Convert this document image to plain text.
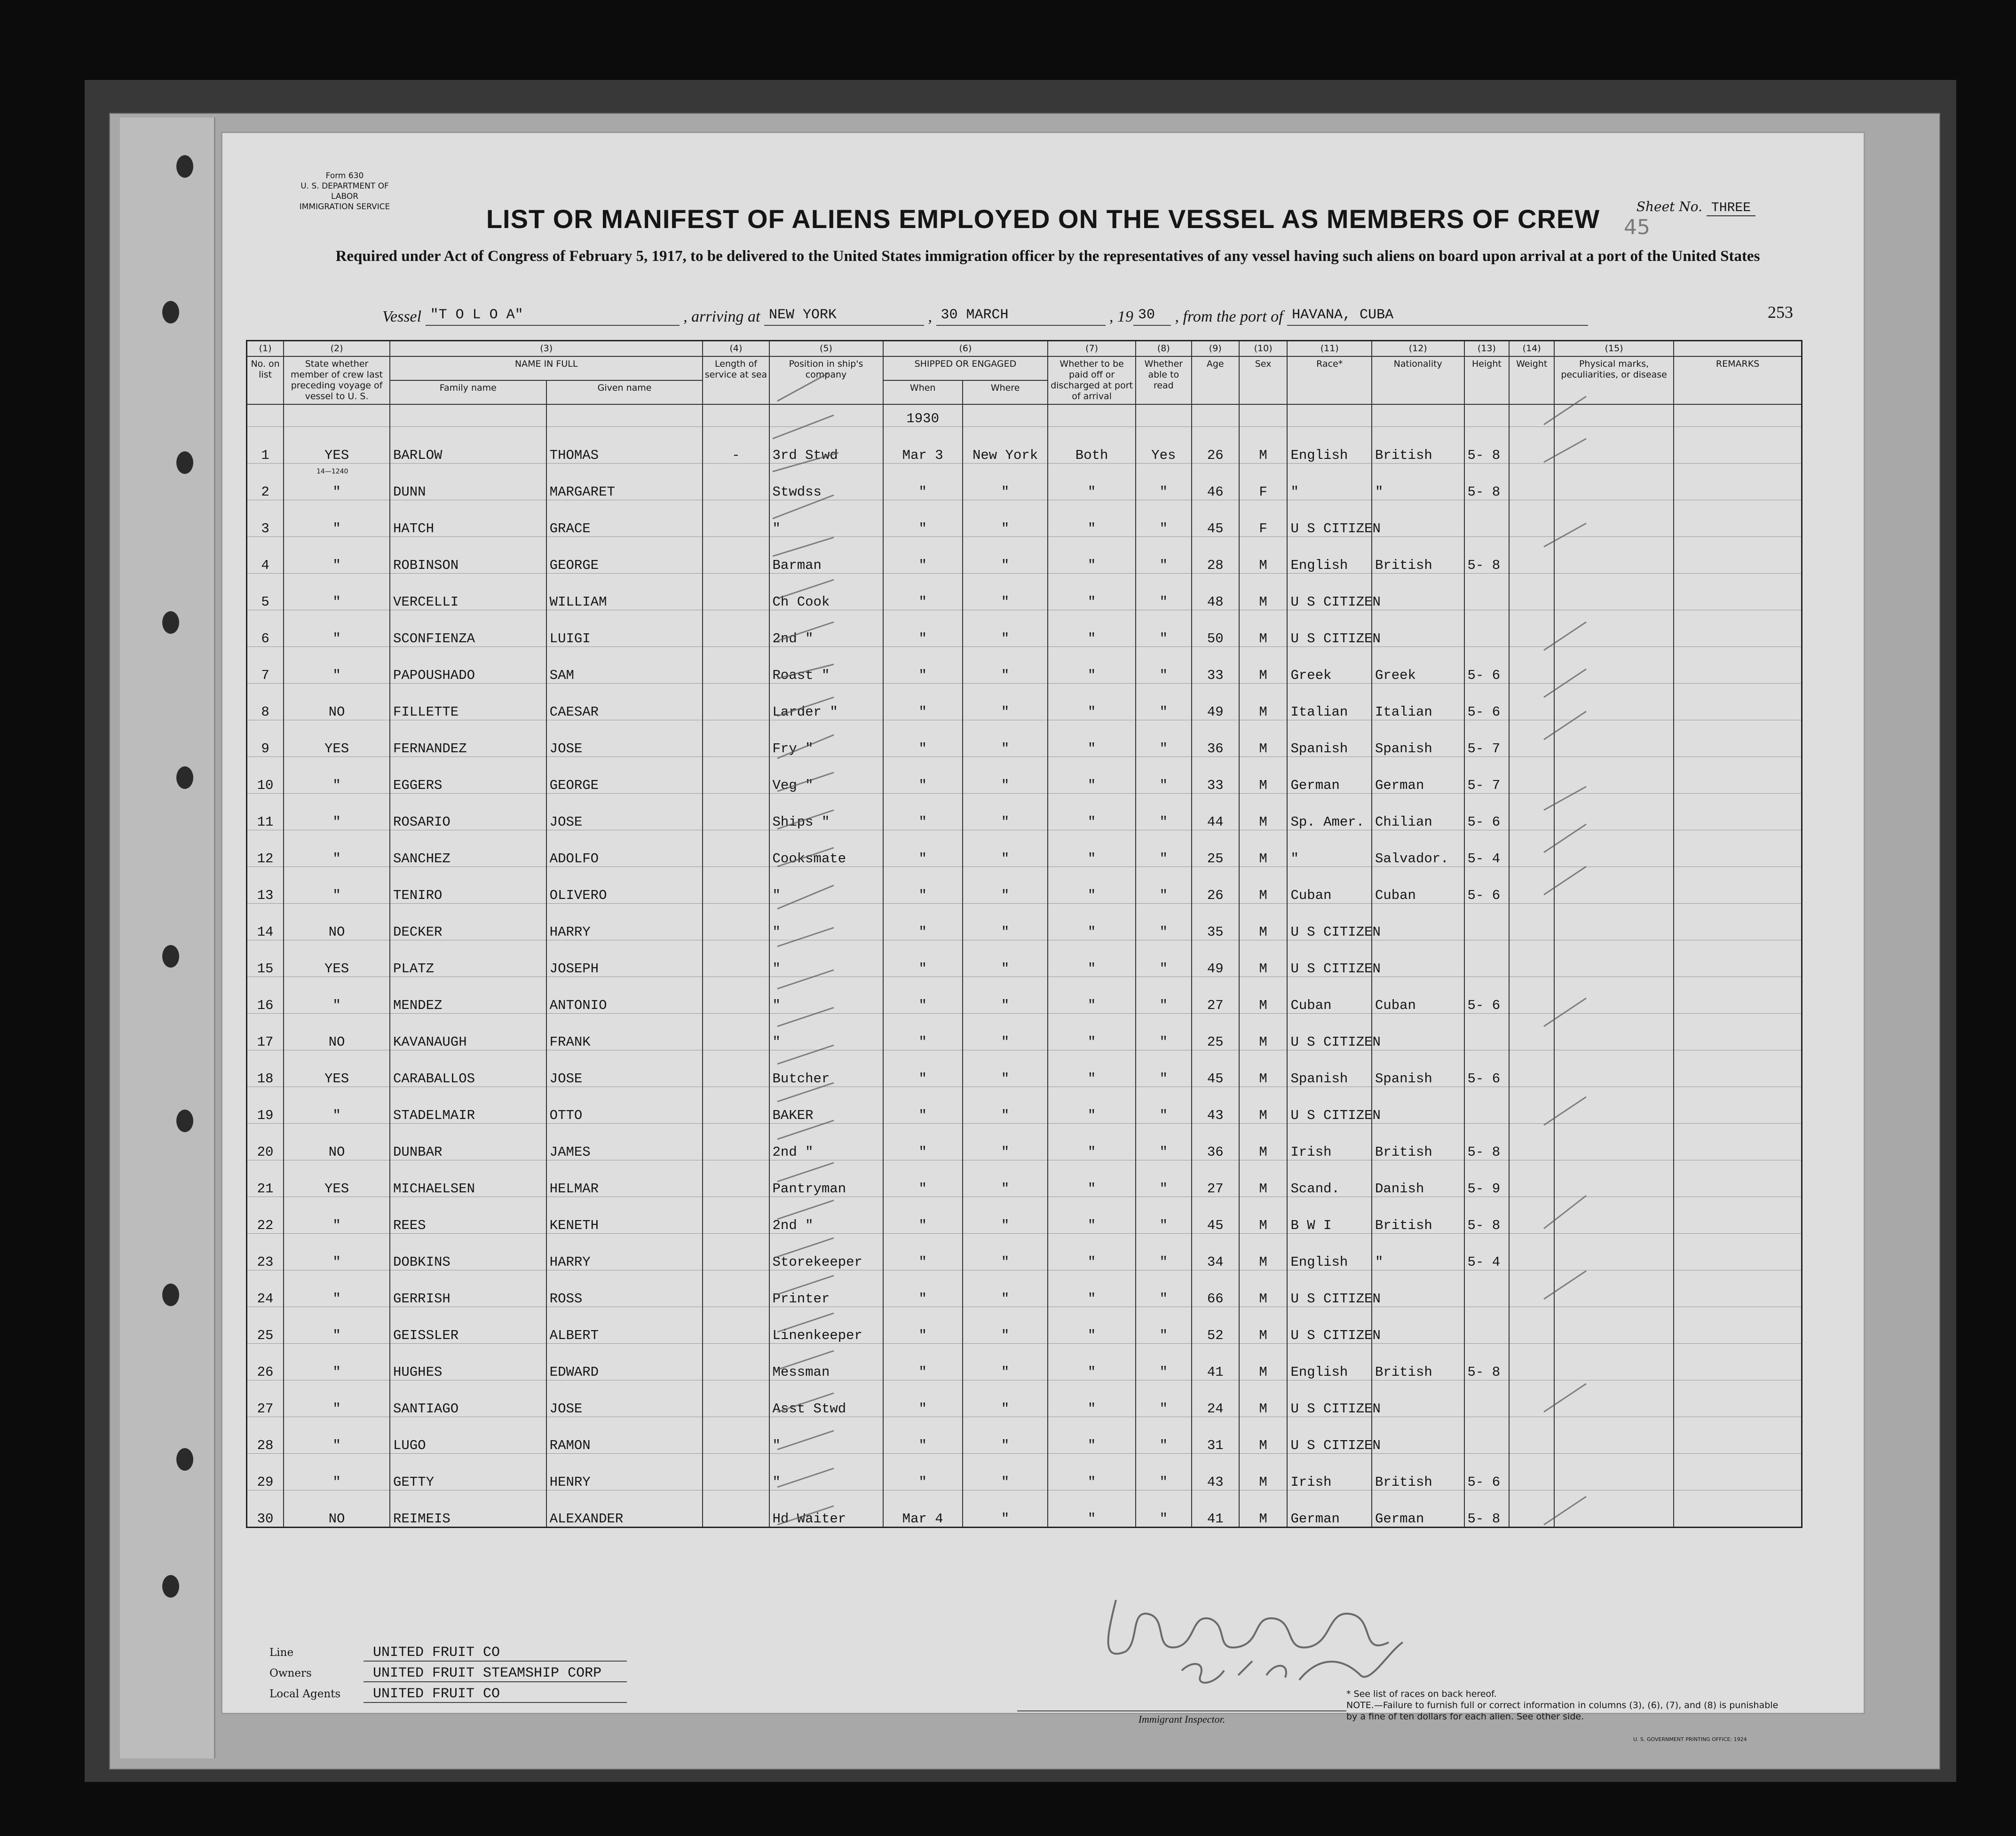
Form 630
U. S. DEPARTMENT OF LABOR
IMMIGRATION SERVICE	Sheet No. THREE
LIST OR MANIFEST OF ALIENS EMPLOYED ON THE VESSEL AS MEMBERS OF CREW	45
Required under Act of Congress of February 5, 1917, to be delivered to the United States immigration officer by the representatives of any vessel having such aliens on board upon arrival at a port of the United States
253
Vessel "T O L O A"	, arriving at NEW YORK	, 30 MARCH	, 19 30 , from the port of HAVANA, CUBA
14—1240
(1)	(2)	(3)		(4)	(5)	(6)		(7)	(8)	(9)	(10)	(11)	(12)	(13)	(14)	(15)	
No. on list	State whether member of crew last preceding voyage of vessel to U. S.	NAME IN FULL		Length of service at sea	Position in ship's company	SHIPPED OR ENGAGED		Whether to be paid off or discharged at port of arrival	Whether able to read	Age	Sex	Race*	Nationality	Height	Weight	Physical marks, peculiarities, or disease	REMARKS
		Family name	Given name			When	Where										
						1930											
1	YES	BARLOW	THOMAS	-	3rd Stwd	Mar 3	New York	Both	Yes	26	M	English	British	5- 8			
2	"	DUNN	MARGARET		Stwdss	"	"	"	"	46	F	"	"	5- 8			
3	"	HATCH	GRACE		"	"	"	"	"	45	F	U S CITIZEN					
4	"	ROBINSON	GEORGE		Barman	"	"	"	"	28	M	English	British	5- 8			
5	"	VERCELLI	WILLIAM		Ch Cook	"	"	"	"	48	M	U S CITIZEN					
6	"	SCONFIENZA	LUIGI		2nd "	"	"	"	"	50	M	U S CITIZEN					
7	"	PAPOUSHADO	SAM		Roast "	"	"	"	"	33	M	Greek	Greek	5- 6			
8	NO	FILLETTE	CAESAR		Larder "	"	"	"	"	49	M	Italian	Italian	5- 6			
9	YES	FERNANDEZ	JOSE		Fry "	"	"	"	"	36	M	Spanish	Spanish	5- 7			
10	"	EGGERS	GEORGE		Veg "	"	"	"	"	33	M	German	German	5- 7			
11	"	ROSARIO	JOSE		Ships "	"	"	"	"	44	M	Sp. Amer.	Chilian	5- 6			
12	"	SANCHEZ	ADOLFO		Cooksmate	"	"	"	"	25	M	"	Salvador.	5- 4			
13	"	TENIRO	OLIVERO		"	"	"	"	"	26	M	Cuban	Cuban	5- 6			
14	NO	DECKER	HARRY		"	"	"	"	"	35	M	U S CITIZEN					
15	YES	PLATZ	JOSEPH		"	"	"	"	"	49	M	U S CITIZEN					
16	"	MENDEZ	ANTONIO		"	"	"	"	"	27	M	Cuban	Cuban	5- 6			
17	NO	KAVANAUGH	FRANK		"	"	"	"	"	25	M	U S CITIZEN					
18	YES	CARABALLOS	JOSE		Butcher	"	"	"	"	45	M	Spanish	Spanish	5- 6			
19	"	STADELMAIR	OTTO		BAKER	"	"	"	"	43	M	U S CITIZEN					
20	NO	DUNBAR	JAMES		2nd "	"	"	"	"	36	M	Irish	British	5- 8			
21	YES	MICHAELSEN	HELMAR		Pantryman	"	"	"	"	27	M	Scand.	Danish	5- 9			
22	"	REES	KENETH		2nd "	"	"	"	"	45	M	B W I	British	5- 8			
23	"	DOBKINS	HARRY		Storekeeper	"	"	"	"	34	M	English	"	5- 4			
24	"	GERRISH	ROSS		Printer	"	"	"	"	66	M	U S CITIZEN					
25	"	GEISSLER	ALBERT		Linenkeeper	"	"	"	"	52	M	U S CITIZEN					
26	"	HUGHES	EDWARD		Messman	"	"	"	"	41	M	English	British	5- 8			
27	"	SANTIAGO	JOSE		Asst Stwd	"	"	"	"	24	M	U S CITIZEN					
28	"	LUGO	RAMON		"	"	"	"	"	31	M	U S CITIZEN					
29	"	GETTY	HENRY		"	"	"	"	"	43	M	Irish	British	5- 6			
30	NO	REIMEIS	ALEXANDER		Hd Waiter	Mar 4	"	"	"	41	M	German	German	5- 8			
Line	UNITED FRUIT CO
Owners	UNITED FRUIT STEAMSHIP CORP
Local Agents UNITED FRUIT CO
Immigrant Inspector.
* See list of races on back hereof.
NOTE.—Failure to furnish full or correct information in columns (3), (6), (7), and (8) is punishable by a fine of ten dollars for each alien. See other side.
U. S. GOVERNMENT PRINTING OFFICE: 1924
